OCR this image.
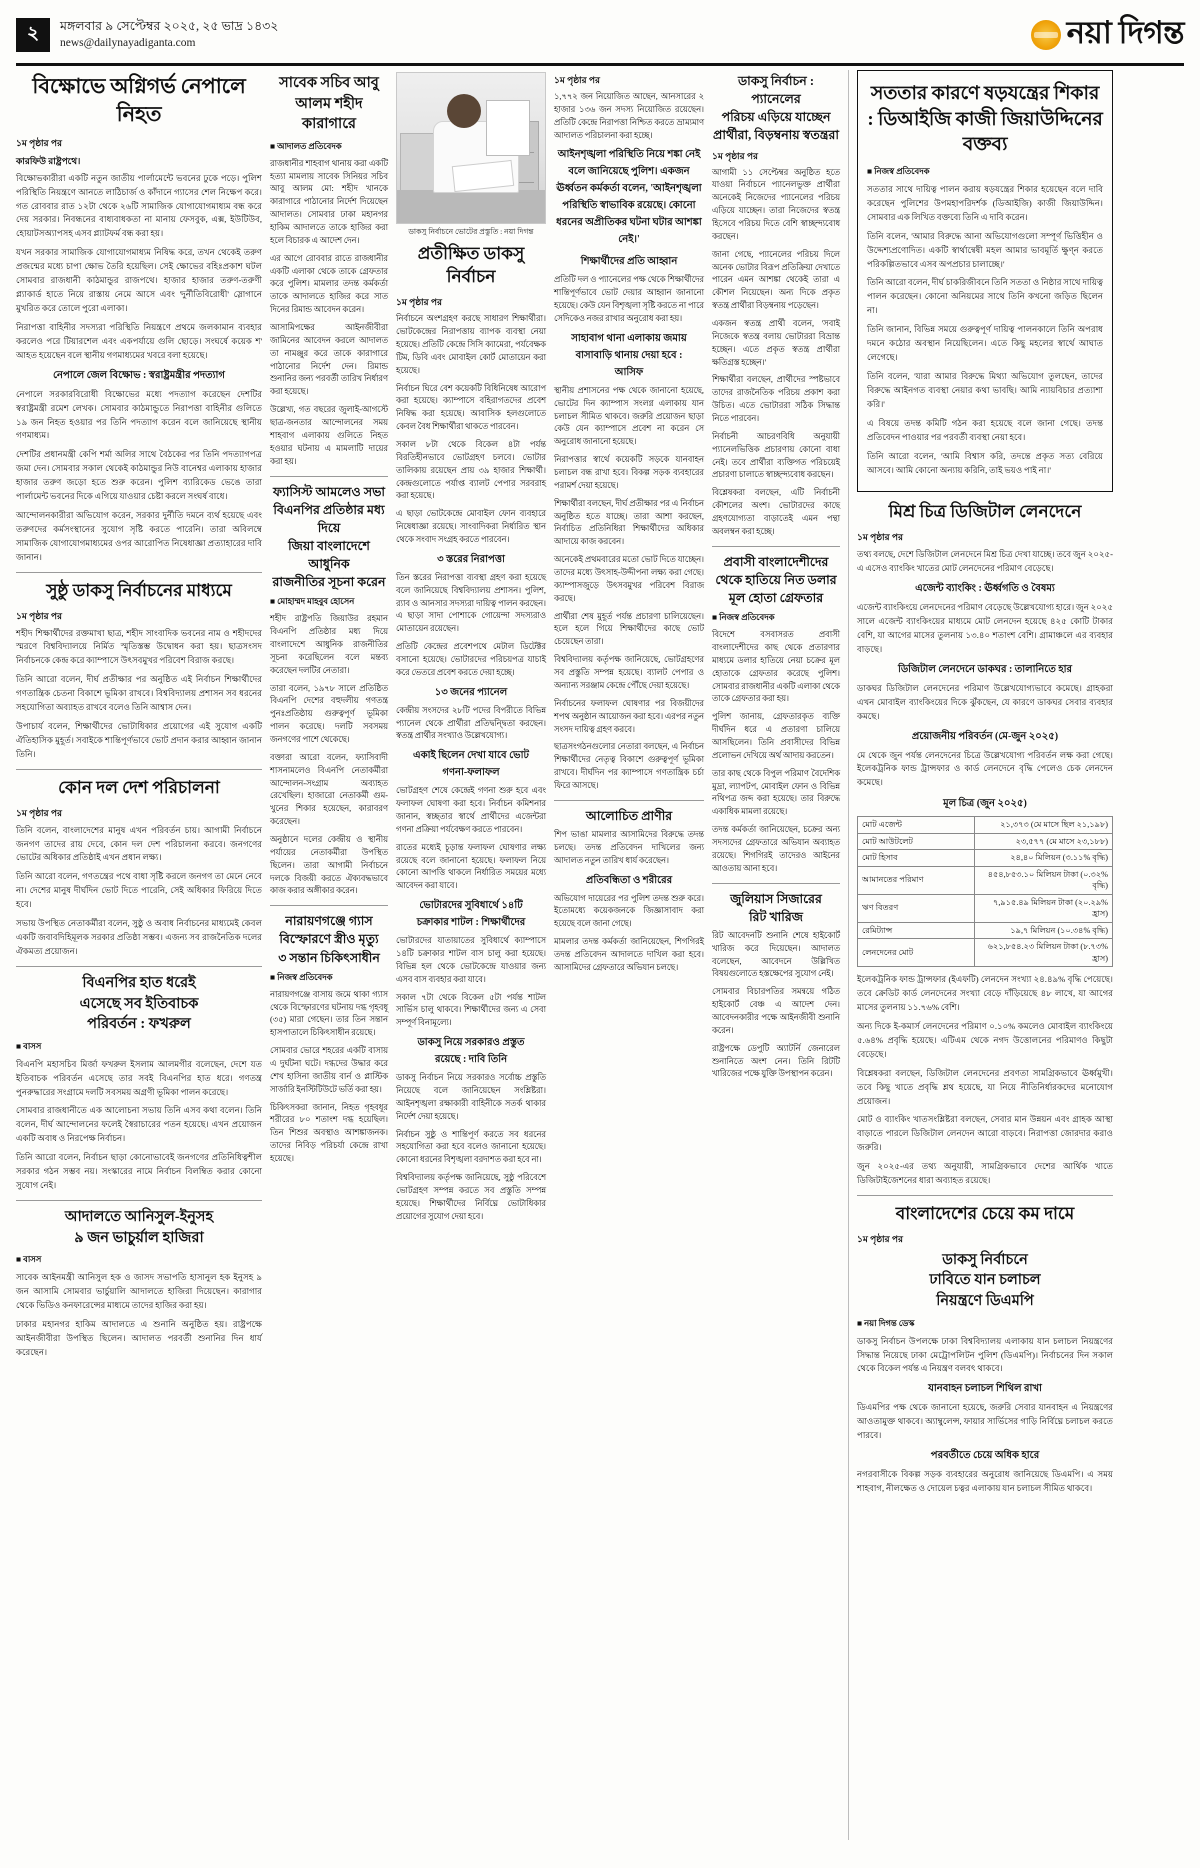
২	মঙ্গলবার ৯ সেপ্টেম্বর ২০২৫, ২৫ ভাদ্র ১৪৩২
news@dailynayadiganta.com	নয়া দিগন্ত
বিক্ষোভে অগ্নিগর্ভ নেপালে নিহত
১ম পৃষ্ঠার পর
কারফিউ রাষ্ট্রপথে।

বিক্ষোভকারীরা একটি নতুন জাতীয় পার্লামেন্টে ভবনের ঢুকে পড়ে। পুলিশ পরিস্থিতি নিয়ন্ত্রণে আনতে লাঠিচার্জ ও কাঁদানে গ্যাসের শেল নিক্ষেপ করে। গত রোববার রাত ১২টা থেকে ২৬টি সামাজিক যোগাযোগমাধ্যম বন্ধ করে দেয় সরকার। নিবন্ধনের বাধ্যবাধকতা না মানায় ফেসবুক, এক্স, ইউটিউব, হোয়াটসঅ্যাপসহ এসব প্ল্যাটফর্ম বন্ধ করা হয়।

যখন সরকার সামাজিক যোগাযোগমাধ্যম নিষিদ্ধ করে, তখন থেকেই তরুণ প্রজন্মের মধ্যে চাপা ক্ষোভ তৈরি হয়েছিল। সেই ক্ষোভের বহিঃপ্রকাশ ঘটল সোমবার রাজধানী কাঠমান্ডুর রাজপথে। হাজার হাজার তরুণ-তরুণী প্ল্যাকার্ড হাতে নিয়ে রাস্তায় নেমে আসে এবং 'দুর্নীতিবিরোধী' স্লোগানে মুখরিত করে তোলে পুরো এলাকা।

নিরাপত্তা বাহিনীর সদস্যরা পরিস্থিতি নিয়ন্ত্রণে প্রথমে জলকামান ব্যবহার করলেও পরে টিয়ারশেল এবং একপর্যায়ে গুলি ছোড়ে। সংঘর্ষে কয়েক শ' আহত হয়েছেন বলে স্থানীয় গণমাধ্যমের খবরে বলা হয়েছে।

নেপালে জেল বিক্ষোভ : স্বরাষ্ট্রমন্ত্রীর পদত্যাগ

নেপালে সরকারবিরোধী বিক্ষোভের মধ্যে পদত্যাগ করেছেন দেশটির স্বরাষ্ট্রমন্ত্রী রমেশ লেখক। সোমবার কাঠমান্ডুতে নিরাপত্তা বাহিনীর গুলিতে ১৯ জন নিহত হওয়ার পর তিনি পদত্যাগ করেন বলে জানিয়েছে স্থানীয় গণমাধ্যম।

দেশটির প্রধানমন্ত্রী কেপি শর্মা অলির সাথে বৈঠকের পর তিনি পদত্যাগপত্র জমা দেন। সোমবার সকাল থেকেই কাঠমান্ডুর নিউ বানেশ্বর এলাকায় হাজার হাজার তরুণ জড়ো হতে শুরু করেন। পুলিশ ব্যারিকেড ভেঙে তারা পার্লামেন্ট ভবনের দিকে এগিয়ে যাওয়ার চেষ্টা করলে সংঘর্ষ বাধে।

আন্দোলনকারীরা অভিযোগ করেন, সরকার দুর্নীতি দমনে ব্যর্থ হয়েছে এবং তরুণদের কর্মসংস্থানের সুযোগ সৃষ্টি করতে পারেনি। তারা অবিলম্বে সামাজিক যোগাযোগমাধ্যমের ওপর আরোপিত নিষেধাজ্ঞা প্রত্যাহারের দাবি জানান।

সুষ্ঠু ডাকসু নির্বাচনের মাধ্যমে
১ম পৃষ্ঠার পর

শহীদ শিক্ষার্থীদের রক্তমাখা ছাত্র, শহীদ সাংবাদিক ভবনের নাম ও শহীদদের স্মরণে বিশ্ববিদ্যালয়ে নির্মিত স্মৃতিস্তম্ভ উদ্বোধন করা হয়। ছাত্রসংসদ নির্বাচনকে কেন্দ্র করে ক্যাম্পাসে উৎসবমুখর পরিবেশ বিরাজ করছে।

তিনি আরো বলেন, দীর্ঘ প্রতীক্ষার পর অনুষ্ঠিত এই নির্বাচন শিক্ষার্থীদের গণতান্ত্রিক চেতনা বিকাশে ভূমিকা রাখবে। বিশ্ববিদ্যালয় প্রশাসন সব ধরনের সহযোগিতা অব্যাহত রাখবে বলেও তিনি আশ্বাস দেন।

উপাচার্য বলেন, শিক্ষার্থীদের ভোটাধিকার প্রয়োগের এই সুযোগ একটি ঐতিহাসিক মুহূর্ত। সবাইকে শান্তিপূর্ণভাবে ভোট প্রদান করার আহ্বান জানান তিনি।

কোন দল দেশ পরিচালনা
১ম পৃষ্ঠার পর

তিনি বলেন, বাংলাদেশের মানুষ এখন পরিবর্তন চায়। আগামী নির্বাচনে জনগণ তাদের রায় দেবে, কোন দল দেশ পরিচালনা করবে। জনগণের ভোটের অধিকার প্রতিষ্ঠাই এখন প্রধান লক্ষ্য।

তিনি আরো বলেন, গণতন্ত্রের পথে বাধা সৃষ্টি করলে জনগণ তা মেনে নেবে না। দেশের মানুষ দীর্ঘদিন ভোট দিতে পারেনি, সেই অধিকার ফিরিয়ে দিতে হবে।

সভায় উপস্থিত নেতাকর্মীরা বলেন, সুষ্ঠু ও অবাধ নির্বাচনের মাধ্যমেই কেবল একটি জবাবদিহিমূলক সরকার প্রতিষ্ঠা সম্ভব। এজন্য সব রাজনৈতিক দলের ঐকমত্য প্রয়োজন।

বিএনপির হাত ধরেই
এসেছে সব ইতিবাচক
পরিবর্তন : ফখরুল
■ বাসস

বিএনপি মহাসচিব মির্জা ফখরুল ইসলাম আলমগীর বলেছেন, দেশে যত ইতিবাচক পরিবর্তন এসেছে তার সবই বিএনপির হাত ধরে। গণতন্ত্র পুনরুদ্ধারের সংগ্রামে দলটি সবসময় অগ্রণী ভূমিকা পালন করেছে।

সোমবার রাজধানীতে এক আলোচনা সভায় তিনি এসব কথা বলেন। তিনি বলেন, দীর্ঘ আন্দোলনের ফলেই স্বৈরাচারের পতন হয়েছে। এখন প্রয়োজন একটি অবাধ ও নিরপেক্ষ নির্বাচন।

তিনি আরো বলেন, নির্বাচন ছাড়া কোনোভাবেই জনগণের প্রতিনিধিত্বশীল সরকার গঠন সম্ভব নয়। সংস্কারের নামে নির্বাচন বিলম্বিত করার কোনো সুযোগ নেই।

আদালতে আনিসুল-ইনুসহ
৯ জন ভাচুর্য়াল হাজিরা
■ বাসস

সাবেক আইনমন্ত্রী আনিসুল হক ও জাসদ সভাপতি হাসানুল হক ইনুসহ ৯ জন আসামি সোমবার ভার্চুয়ালি আদালতে হাজিরা দিয়েছেন। কারাগার থেকে ভিডিও কনফারেন্সের মাধ্যমে তাদের হাজির করা হয়।

ঢাকার মহানগর হাকিম আদালতে এ শুনানি অনুষ্ঠিত হয়। রাষ্ট্রপক্ষে আইনজীবীরা উপস্থিত ছিলেন। আদালত পরবর্তী শুনানির দিন ধার্য করেছেন।

সাবেক সচিব আবু
আলম শহীদ
কারাগারে
■ আদালত প্রতিবেদক

রাজধানীর শাহবাগ থানায় করা একটি হত্যা মামলায় সাবেক সিনিয়র সচিব আবু আলম মো: শহীদ খানকে কারাগারে পাঠানোর নির্দেশ দিয়েছেন আদালত। সোমবার ঢাকা মহানগর হাকিম আদালতে তাকে হাজির করা হলে বিচারক এ আদেশ দেন।

এর আগে রোববার রাতে রাজধানীর একটি এলাকা থেকে তাকে গ্রেফতার করে পুলিশ। মামলার তদন্ত কর্মকর্তা তাকে আদালতে হাজির করে সাত দিনের রিমান্ড আবেদন করেন।

আসামিপক্ষের আইনজীবীরা জামিনের আবেদন করলে আদালত তা নামঞ্জুর করে তাকে কারাগারে পাঠানোর নির্দেশ দেন। রিমান্ড শুনানির জন্য পরবর্তী তারিখ নির্ধারণ করা হয়েছে।

উল্লেখ্য, গত বছরের জুলাই-আগস্টে ছাত্র-জনতার আন্দোলনের সময় শাহবাগ এলাকায় গুলিতে নিহত হওয়ার ঘটনায় এ মামলাটি দায়ের করা হয়।

ফ্যাসিস্ট আমলেও সভা
বিএনপির প্রতিষ্ঠার মধ্য দিয়ে
জিয়া বাংলাদেশে আধুনিক
রাজনীতির সূচনা করেন
■ মোহাম্মদ মাহবুব হোসেন

শহীদ রাষ্ট্রপতি জিয়াউর রহমান বিএনপি প্রতিষ্ঠার মধ্য দিয়ে বাংলাদেশে আধুনিক রাজনীতির সূচনা করেছিলেন বলে মন্তব্য করেছেন দলটির নেতারা।

তারা বলেন, ১৯৭৮ সালে প্রতিষ্ঠিত বিএনপি দেশের বহুদলীয় গণতন্ত্র পুনঃপ্রতিষ্ঠায় গুরুত্বপূর্ণ ভূমিকা পালন করেছে। দলটি সবসময় জনগণের পাশে থেকেছে।

বক্তারা আরো বলেন, ফ্যাসিবাদী শাসনামলেও বিএনপি নেতাকর্মীরা আন্দোলন-সংগ্রাম অব্যাহত রেখেছিল। হাজারো নেতাকর্মী গুম-খুনের শিকার হয়েছেন, কারাবরণ করেছেন।

অনুষ্ঠানে দলের কেন্দ্রীয় ও স্থানীয় পর্যায়ের নেতাকর্মীরা উপস্থিত ছিলেন। তারা আগামী নির্বাচনে দলকে বিজয়ী করতে ঐক্যবদ্ধভাবে কাজ করার অঙ্গীকার করেন।

নারায়ণগঞ্জে গ্যাস
বিস্ফোরণে স্ত্রীও মৃত্যু
৩ সন্তান চিকিৎসাধীন
■ নিজস্ব প্রতিবেদক

নারায়ণগঞ্জে বাসায় জমে থাকা গ্যাস থেকে বিস্ফোরণের ঘটনায় দগ্ধ গৃহবধূ (৩৫) মারা গেছেন। তার তিন সন্তান হাসপাতালে চিকিৎসাধীন রয়েছে।

সোমবার ভোরে শহরের একটি বাসায় এ দুর্ঘটনা ঘটে। দগ্ধদের উদ্ধার করে শেখ হাসিনা জাতীয় বার্ন ও প্লাস্টিক সার্জারি ইনস্টিটিউটে ভর্তি করা হয়।

চিকিৎসকরা জানান, নিহত গৃহবধূর শরীরের ৮০ শতাংশ দগ্ধ হয়েছিল। তিন শিশুর অবস্থাও আশঙ্কাজনক। তাদের নিবিড় পরিচর্যা কেন্দ্রে রাখা হয়েছে।

ডাকসু নির্বাচনে ভোটের প্রস্তুতি : নয়া দিগন্ত
প্রতীক্ষিত ডাকসু নির্বাচন
১ম পৃষ্ঠার পর

নির্বাচনে অংশগ্রহণ করছে সাধারণ শিক্ষার্থীরা। ভোটকেন্দ্রের নিরাপত্তায় ব্যাপক ব্যবস্থা নেয়া হয়েছে। প্রতিটি কেন্দ্রে সিসি ক্যামেরা, পর্যবেক্ষক টিম, ডিবি এবং মোবাইল কোর্ট মোতায়েন করা হয়েছে।

নির্বাচন ঘিরে বেশ কয়েকটি বিধিনিষেধ আরোপ করা হয়েছে। ক্যাম্পাসে বহিরাগতদের প্রবেশ নিষিদ্ধ করা হয়েছে। আবাসিক হলগুলোতে কেবল বৈধ শিক্ষার্থীরা থাকতে পারবেন।

সকাল ৮টা থেকে বিকেল ৪টা পর্যন্ত বিরতিহীনভাবে ভোটগ্রহণ চলবে। ভোটার তালিকায় রয়েছেন প্রায় ৩৯ হাজার শিক্ষার্থী। কেন্দ্রগুলোতে পর্যাপ্ত ব্যালট পেপার সরবরাহ করা হয়েছে।

এ ছাড়া ভোটকেন্দ্রে মোবাইল ফোন ব্যবহারে নিষেধাজ্ঞা রয়েছে। সাংবাদিকরা নির্ধারিত স্থান থেকে সংবাদ সংগ্রহ করতে পারবেন।

৩ স্তরের নিরাপত্তা

তিন স্তরের নিরাপত্তা ব্যবস্থা গ্রহণ করা হয়েছে বলে জানিয়েছে বিশ্ববিদ্যালয় প্রশাসন। পুলিশ, র‌্যাব ও আনসার সদস্যরা দায়িত্ব পালন করছেন। এ ছাড়া সাদা পোশাকে গোয়েন্দা সদস্যরাও মোতায়েন রয়েছেন।

প্রতিটি কেন্দ্রের প্রবেশপথে মেটাল ডিটেক্টর বসানো হয়েছে। ভোটারদের পরিচয়পত্র যাচাই করে ভেতরে প্রবেশ করতে দেয়া হচ্ছে।

১৩ জনের প্যানেল

কেন্দ্রীয় সংসদের ২৮টি পদের বিপরীতে বিভিন্ন প্যানেল থেকে প্রার্থীরা প্রতিদ্বন্দ্বিতা করছেন। স্বতন্ত্র প্রার্থীর সংখ্যাও উল্লেখযোগ্য।

একাই ছিলেন দেখা যাবে ভোট
গণনা-ফলাফল

ভোটগ্রহণ শেষে কেন্দ্রেই গণনা শুরু হবে এবং ফলাফল ঘোষণা করা হবে। নির্বাচন কমিশনার জানান, স্বচ্ছতার স্বার্থে প্রার্থীদের এজেন্টরা গণনা প্রক্রিয়া পর্যবেক্ষণ করতে পারবেন।

রাতের মধ্যেই চূড়ান্ত ফলাফল ঘোষণার লক্ষ্য রয়েছে বলে জানানো হয়েছে। ফলাফল নিয়ে কোনো আপত্তি থাকলে নির্ধারিত সময়ের মধ্যে আবেদন করা যাবে।

ভোটারদের সুবিধার্থে ১৪টি
চক্রাকার শাটল : শিক্ষার্থীদের

ভোটারদের যাতায়াতের সুবিধার্থে ক্যাম্পাসে ১৪টি চক্রাকার শাটল বাস চালু করা হয়েছে। বিভিন্ন হল থেকে ভোটকেন্দ্রে যাওয়ার জন্য এসব বাস ব্যবহার করা যাবে।

সকাল ৭টা থেকে বিকেল ৫টা পর্যন্ত শাটল সার্ভিস চালু থাকবে। শিক্ষার্থীদের জন্য এ সেবা সম্পূর্ণ বিনামূল্যে।

ডাকসু নিয়ে সরকারও প্রস্তুত
রয়েছে : দাবি তিনি

ডাকসু নির্বাচন নিয়ে সরকারও সর্বোচ্চ প্রস্তুতি নিয়েছে বলে জানিয়েছেন সংশ্লিষ্টরা। আইনশৃঙ্খলা রক্ষাকারী বাহিনীকে সতর্ক থাকার নির্দেশ দেয়া হয়েছে।

নির্বাচন সুষ্ঠু ও শান্তিপূর্ণ করতে সব ধরনের সহযোগিতা করা হবে বলেও জানানো হয়েছে। কোনো ধরনের বিশৃঙ্খলা বরদাশত করা হবে না।

বিশ্ববিদ্যালয় কর্তৃপক্ষ জানিয়েছে, সুষ্ঠু পরিবেশে ভোটগ্রহণ সম্পন্ন করতে সব প্রস্তুতি সম্পন্ন হয়েছে। শিক্ষার্থীদের নির্বিঘ্নে ভোটাধিকার প্রয়োগের সুযোগ দেয়া হবে।

১ম পৃষ্ঠার পর

১,৭৭২ জন নিয়োজিত আছেন, আনসারের ২ হাজার ১৩৬ জন সদস্য নিয়োজিত রয়েছেন। প্রতিটি কেন্দ্রে নিরাপত্তা নিশ্চিত করতে ভ্রাম্যমাণ আদালত পরিচালনা করা হচ্ছে।

আইনশৃঙ্খলা পরিস্থিতি নিয়ে শঙ্কা নেই বলে জানিয়েছে পুলিশ। একজন ঊর্ধ্বতন কর্মকর্তা বলেন, 'আইনশৃঙ্খলা পরিস্থিতি স্বাভাবিক রয়েছে। কোনো ধরনের অপ্রীতিকর ঘটনা ঘটার আশঙ্কা নেই।'
শিক্ষার্থীদের প্রতি আহ্বান

প্রতিটি দল ও প্যানেলের পক্ষ থেকে শিক্ষার্থীদের শান্তিপূর্ণভাবে ভোট দেয়ার আহ্বান জানানো হয়েছে। কেউ যেন বিশৃঙ্খলা সৃষ্টি করতে না পারে সেদিকেও নজর রাখার অনুরোধ করা হয়।

সাহাবাগ থানা এলাকায় জমায়
বাসাবাড়ি থানায় দেয়া হবে :
আসিফ

স্থানীয় প্রশাসনের পক্ষ থেকে জানানো হয়েছে, ভোটের দিন ক্যাম্পাস সংলগ্ন এলাকায় যান চলাচল সীমিত থাকবে। জরুরি প্রয়োজন ছাড়া কেউ যেন ক্যাম্পাসে প্রবেশ না করেন সে অনুরোধ জানানো হয়েছে।

নিরাপত্তার স্বার্থে কয়েকটি সড়কে যানবাহন চলাচল বন্ধ রাখা হবে। বিকল্প সড়ক ব্যবহারের পরামর্শ দেয়া হয়েছে।

শিক্ষার্থীরা বলছেন, দীর্ঘ প্রতীক্ষার পর এ নির্বাচন অনুষ্ঠিত হতে যাচ্ছে। তারা আশা করছেন, নির্বাচিত প্রতিনিধিরা শিক্ষার্থীদের অধিকার আদায়ে কাজ করবেন।

অনেকেই প্রথমবারের মতো ভোট দিতে যাচ্ছেন। তাদের মধ্যে উৎসাহ-উদ্দীপনা লক্ষ্য করা গেছে। ক্যাম্পাসজুড়ে উৎসবমুখর পরিবেশ বিরাজ করছে।

প্রার্থীরা শেষ মুহূর্ত পর্যন্ত প্রচারণা চালিয়েছেন। হলে হলে গিয়ে শিক্ষার্থীদের কাছে ভোট চেয়েছেন তারা।

বিশ্ববিদ্যালয় কর্তৃপক্ষ জানিয়েছে, ভোটগ্রহণের সব প্রস্তুতি সম্পন্ন হয়েছে। ব্যালট পেপার ও অন্যান্য সরঞ্জাম কেন্দ্রে পৌঁছে দেয়া হয়েছে।

নির্বাচনের ফলাফল ঘোষণার পর বিজয়ীদের শপথ অনুষ্ঠান আয়োজন করা হবে। এরপর নতুন সংসদ দায়িত্ব গ্রহণ করবে।

ছাত্রসংগঠনগুলোর নেতারা বলছেন, এ নির্বাচন শিক্ষার্থীদের নেতৃত্ব বিকাশে গুরুত্বপূর্ণ ভূমিকা রাখবে। দীর্ঘদিন পর ক্যাম্পাসে গণতান্ত্রিক চর্চা ফিরে আসছে।

আলোচিত প্রাণীর

শিপ ভাঙা মামলার আসামিদের বিরুদ্ধে তদন্ত চলছে। তদন্ত প্রতিবেদন দাখিলের জন্য আদালত নতুন তারিখ ধার্য করেছেন।

প্রতিবন্ধিতা ও শরীরের

অভিযোগ দায়েরের পর পুলিশ তদন্ত শুরু করে। ইতোমধ্যে কয়েকজনকে জিজ্ঞাসাবাদ করা হয়েছে বলে জানা গেছে।

মামলার তদন্ত কর্মকর্তা জানিয়েছেন, শিগগিরই তদন্ত প্রতিবেদন আদালতে দাখিল করা হবে। আসামিদের গ্রেফতারে অভিযান চলছে।

ডাকসু নির্বাচন : প্যানেলের
পরিচয় এড়িয়ে যাচ্ছেন
প্রার্থীরা, বিড়ম্বনায় স্বতন্ত্ররা
১ম পৃষ্ঠার পর

আগামী ১১ সেপ্টেম্বর অনুষ্ঠিত হতে যাওয়া নির্বাচনে প্যানেলভুক্ত প্রার্থীরা অনেকেই নিজেদের প্যানেলের পরিচয় এড়িয়ে যাচ্ছেন। তারা নিজেদের স্বতন্ত্র হিসেবে পরিচয় দিতে বেশি স্বাচ্ছন্দ্যবোধ করছেন।

জানা গেছে, প্যানেলের পরিচয় দিলে অনেক ভোটার বিরূপ প্রতিক্রিয়া দেখাতে পারেন এমন আশঙ্কা থেকেই তারা এ কৌশল নিয়েছেন। অন্য দিকে প্রকৃত স্বতন্ত্র প্রার্থীরা বিড়ম্বনায় পড়েছেন।

একজন স্বতন্ত্র প্রার্থী বলেন, 'সবাই নিজেকে স্বতন্ত্র বলায় ভোটাররা বিভ্রান্ত হচ্ছেন। এতে প্রকৃত স্বতন্ত্র প্রার্থীরা ক্ষতিগ্রস্ত হচ্ছেন।'

শিক্ষার্থীরা বলছেন, প্রার্থীদের স্পষ্টভাবে তাদের রাজনৈতিক পরিচয় প্রকাশ করা উচিত। এতে ভোটাররা সঠিক সিদ্ধান্ত নিতে পারবেন।

নির্বাচনী আচরণবিধি অনুযায়ী প্যানেলভিত্তিক প্রচারণায় কোনো বাধা নেই। তবে প্রার্থীরা ব্যক্তিগত পরিচয়েই প্রচারণা চালাতে স্বাচ্ছন্দ্যবোধ করছেন।

বিশ্লেষকরা বলছেন, এটি নির্বাচনী কৌশলের অংশ। ভোটারদের কাছে গ্রহণযোগ্যতা বাড়াতেই এমন পন্থা অবলম্বন করা হচ্ছে।

প্রবাসী বাংলাদেশীদের
থেকে হাতিয়ে নিত ডলার
মূল হোতা গ্রেফতার
■ নিজস্ব প্রতিবেদক

বিদেশে বসবাসরত প্রবাসী বাংলাদেশীদের কাছ থেকে প্রতারণার মাধ্যমে ডলার হাতিয়ে নেয়া চক্রের মূল হোতাকে গ্রেফতার করেছে পুলিশ। সোমবার রাজধানীর একটি এলাকা থেকে তাকে গ্রেফতার করা হয়।

পুলিশ জানায়, গ্রেফতারকৃত ব্যক্তি দীর্ঘদিন ধরে এ প্রতারণা চালিয়ে আসছিলেন। তিনি প্রবাসীদের বিভিন্ন প্রলোভন দেখিয়ে অর্থ আদায় করতেন।

তার কাছ থেকে বিপুল পরিমাণ বৈদেশিক মুদ্রা, ল্যাপটপ, মোবাইল ফোন ও বিভিন্ন নথিপত্র জব্দ করা হয়েছে। তার বিরুদ্ধে একাধিক মামলা রয়েছে।

তদন্ত কর্মকর্তা জানিয়েছেন, চক্রের অন্য সদস্যদের গ্রেফতারে অভিযান অব্যাহত রয়েছে। শিগগিরই তাদেরও আইনের আওতায় আনা হবে।

জুলিয়াস সিজারের
রিট খারিজ

রিট আবেদনটি শুনানি শেষে হাইকোর্ট খারিজ করে দিয়েছেন। আদালত বলেছেন, আবেদনে উল্লিখিত বিষয়গুলোতে হস্তক্ষেপের সুযোগ নেই।

সোমবার বিচারপতির সমন্বয়ে গঠিত হাইকোর্ট বেঞ্চ এ আদেশ দেন। আবেদনকারীর পক্ষে আইনজীবী শুনানি করেন।

রাষ্ট্রপক্ষে ডেপুটি অ্যাটর্নি জেনারেল শুনানিতে অংশ নেন। তিনি রিটটি খারিজের পক্ষে যুক্তি উপস্থাপন করেন।

সততার কারণে ষড়যন্ত্রের শিকার : ডিআইজি কাজী জিয়াউদ্দিনের বক্তব্য
■ নিজস্ব প্রতিবেদক

সততার সাথে দায়িত্ব পালন করায় ষড়যন্ত্রের শিকার হয়েছেন বলে দাবি করেছেন পুলিশের উপমহাপরিদর্শক (ডিআইজি) কাজী জিয়াউদ্দিন। সোমবার এক লিখিত বক্তব্যে তিনি এ দাবি করেন।

তিনি বলেন, 'আমার বিরুদ্ধে আনা অভিযোগগুলো সম্পূর্ণ ভিত্তিহীন ও উদ্দেশ্যপ্রণোদিত। একটি স্বার্থান্বেষী মহল আমার ভাবমূর্তি ক্ষুণ্ন করতে পরিকল্পিতভাবে এসব অপপ্রচার চালাচ্ছে।'

তিনি আরো বলেন, দীর্ঘ চাকরিজীবনে তিনি সততা ও নিষ্ঠার সাথে দায়িত্ব পালন করেছেন। কোনো অনিয়মের সাথে তিনি কখনো জড়িত ছিলেন না।

তিনি জানান, বিভিন্ন সময়ে গুরুত্বপূর্ণ দায়িত্ব পালনকালে তিনি অপরাধ দমনে কঠোর অবস্থান নিয়েছিলেন। এতে কিছু মহলের স্বার্থে আঘাত লেগেছে।

তিনি বলেন, 'যারা আমার বিরুদ্ধে মিথ্যা অভিযোগ তুলছেন, তাদের বিরুদ্ধে আইনগত ব্যবস্থা নেয়ার কথা ভাবছি। আমি ন্যায়বিচার প্রত্যাশা করি।'

এ বিষয়ে তদন্ত কমিটি গঠন করা হয়েছে বলে জানা গেছে। তদন্ত প্রতিবেদন পাওয়ার পর পরবর্তী ব্যবস্থা নেয়া হবে।

তিনি আরো বলেন, 'আমি বিশ্বাস করি, তদন্তে প্রকৃত সত্য বেরিয়ে আসবে। আমি কোনো অন্যায় করিনি, তাই ভয়ও পাই না।'

মিশ্র চিত্র ডিজিটাল লেনদেনে
১ম পৃষ্ঠার পর

তথ্য বলছে, দেশে ডিজিটাল লেনদেনে মিশ্র চিত্র দেখা যাচ্ছে। তবে জুন ২০২৫-এ এসেও ব্যাংকিং খাতের মোট লেনদেনের পরিমাণ বেড়েছে।

এজেন্ট ব্যাংকিং : ঊর্ধ্বগতি ও বৈষম্য

এজেন্ট ব্যাংকিংয়ে লেনদেনের পরিমাণ বেড়েছে উল্লেখযোগ্য হারে। জুন ২০২৫ সালে এজেন্ট ব্যাংকিংয়ের মাধ্যমে মোট লেনদেন হয়েছে ৪২৫ কোটি টাকার বেশি, যা আগের মাসের তুলনায় ১৩.৪০ শতাংশ বেশি। গ্রামাঞ্চলে এর ব্যবহার বাড়ছে।

ডিজিটাল লেনদেনে ডাকঘর : তালানিতে হার

ডাকঘর ডিজিটাল লেনদেনের পরিমাণ উল্লেখযোগ্যভাবে কমেছে। গ্রাহকরা এখন মোবাইল ব্যাংকিংয়ের দিকে ঝুঁকছেন, যে কারণে ডাকঘর সেবার ব্যবহার কমছে।

প্রয়োজনীয় পরিবর্তন (মে-জুন ২০২৫)

মে থেকে জুন পর্যন্ত লেনদেনের চিত্রে উল্লেখযোগ্য পরিবর্তন লক্ষ করা গেছে। ইলেকট্রনিক ফান্ড ট্রান্সফার ও কার্ড লেনদেনে বৃদ্ধি পেলেও চেক লেনদেন কমেছে।

মূল চিত্র (জুন ২০২৫)
মোট এজেন্ট	২১,৩৭৩ (মে মাসে ছিল ২১,১৯৮)
মোট আউটলেট	২৩,৫৭৭ (মে মাসে ২৩,১৮৮)
মোট হিসাব	২৪,৪০ মিলিয়ন (৩.১১% বৃদ্ধি)
আমানতের পরিমাণ	৪৫৪,৮৫৩.১০ মিলিয়ন টাকা (০.৩২% বৃদ্ধি)
ঋণ বিতরণ	৭,৯১৫.৪৯ মিলিয়ন টাকা (২০.২৯% হ্রাস)
রেমিট্যান্স	১৯,৭ মিলিয়ন (১০.৩৪% বৃদ্ধি)
লেনদেনের মোট	৬২১,৮৫৪.২৩ মিলিয়ন টাকা (৮.৭৩% হ্রাস)

ইলেকট্রনিক ফান্ড ট্রান্সফার (ইএফটি) লেনদেন সংখ্যা ২৪.৪৯% বৃদ্ধি পেয়েছে। তবে ক্রেডিট কার্ড লেনদেনের সংখ্যা বেড়ে দাঁড়িয়েছে ৪৮ লাখে, যা আগের মাসের তুলনায় ১১.৭৬% বেশি।

অন্য দিকে ই-কমার্স লেনদেনের পরিমাণ ০.১০% কমলেও মোবাইল ব্যাংকিংয়ে ৫.৬৪% প্রবৃদ্ধি হয়েছে। এটিএম থেকে নগদ উত্তোলনের পরিমাণও কিছুটা বেড়েছে।

বিশ্লেষকরা বলছেন, ডিজিটাল লেনদেনের প্রবণতা সামগ্রিকভাবে ঊর্ধ্বমুখী। তবে কিছু খাতে প্রবৃদ্ধি শ্লথ হয়েছে, যা নিয়ে নীতিনির্ধারকদের মনোযোগ প্রয়োজন।

মোট ও ব্যাংকিং খাতসংশ্লিষ্টরা বলছেন, সেবার মান উন্নয়ন এবং গ্রাহক আস্থা বাড়াতে পারলে ডিজিটাল লেনদেন আরো বাড়বে। নিরাপত্তা জোরদার করাও জরুরি।

জুন ২০২৫-এর তথ্য অনুযায়ী, সামগ্রিকভাবে দেশের আর্থিক খাতে ডিজিটাইজেশনের ধারা অব্যাহত রয়েছে।

বাংলাদেশের চেয়ে কম দামে
১ম পৃষ্ঠার পর
ডাকসু নির্বাচনে
ঢাবিতে যান চলাচল
নিয়ন্ত্রণে ডিএমপি
■ নয়া দিগন্ত ডেস্ক

ডাকসু নির্বাচন উপলক্ষে ঢাকা বিশ্ববিদ্যালয় এলাকায় যান চলাচল নিয়ন্ত্রণের সিদ্ধান্ত নিয়েছে ঢাকা মেট্রোপলিটন পুলিশ (ডিএমপি)। নির্বাচনের দিন সকাল থেকে বিকেল পর্যন্ত এ নিয়ন্ত্রণ বলবৎ থাকবে।

যানবাহন চলাচল শিথিল রাখা

ডিএমপির পক্ষ থেকে জানানো হয়েছে, জরুরি সেবার যানবাহন এ নিয়ন্ত্রণের আওতামুক্ত থাকবে। অ্যাম্বুলেন্স, ফায়ার সার্ভিসের গাড়ি নির্বিঘ্নে চলাচল করতে পারবে।

পরবর্তীতে চেয়ে অধিক হারে

নগরবাসীকে বিকল্প সড়ক ব্যবহারের অনুরোধ জানিয়েছে ডিএমপি। এ সময় শাহবাগ, নীলক্ষেত ও দোয়েল চত্বর এলাকায় যান চলাচল সীমিত থাকবে।
